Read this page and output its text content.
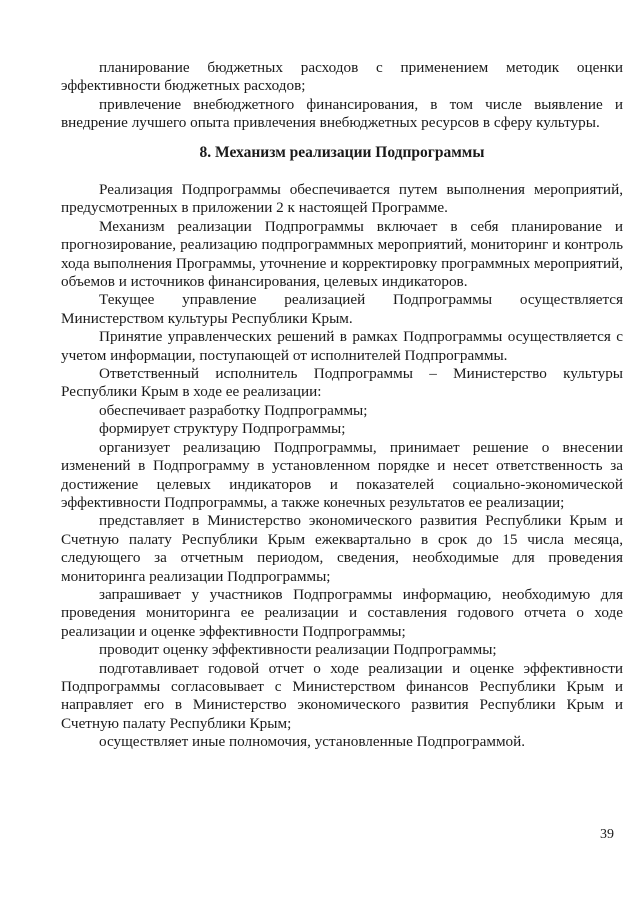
планирование бюджетных расходов с применением методик оценки эффективности бюджетных расходов;

привлечение внебюджетного финансирования, в том числе выявление и внедрение лучшего опыта привлечения внебюджетных ресурсов в сферу культуры.

8. Механизм реализации Подпрограммы

Реализация Подпрограммы обеспечивается путем выполнения мероприятий, предусмотренных в приложении 2 к настоящей Программе.

Механизм реализации Подпрограммы включает в себя планирование и прогнозирование, реализацию подпрограммных мероприятий, мониторинг и контроль хода выполнения Программы, уточнение и корректировку программных мероприятий, объемов и источников финансирования, целевых индикаторов.

Текущее управление реализацией Подпрограммы осуществляется Министерством культуры Республики Крым.

Принятие управленческих решений в рамках Подпрограммы осуществляется с учетом информации, поступающей от исполнителей Подпрограммы.

Ответственный исполнитель Подпрограммы – Министерство культуры Республики Крым в ходе ее реализации:

обеспечивает разработку Подпрограммы;

формирует структуру Подпрограммы;

организует реализацию Подпрограммы, принимает решение о внесении изменений в Подпрограмму в установленном порядке и несет ответственность за достижение целевых индикаторов и показателей социально-экономической эффективности Подпрограммы, а также конечных результатов ее реализации;

представляет в Министерство экономического развития Республики Крым и Счетную палату Республики Крым ежеквартально в срок до 15 числа месяца, следующего за отчетным периодом, сведения, необходимые для проведения мониторинга реализации Подпрограммы;

запрашивает у участников Подпрограммы информацию, необходимую для проведения мониторинга ее реализации и составления годового отчета о ходе реализации и оценке эффективности Подпрограммы;

проводит оценку эффективности реализации Подпрограммы;

подготавливает годовой отчет о ходе реализации и оценке эффективности Подпрограммы согласовывает с Министерством финансов Республики Крым и направляет его в Министерство экономического развития Республики Крым и Счетную палату Республики Крым;

осуществляет иные полномочия, установленные Подпрограммой.

39
